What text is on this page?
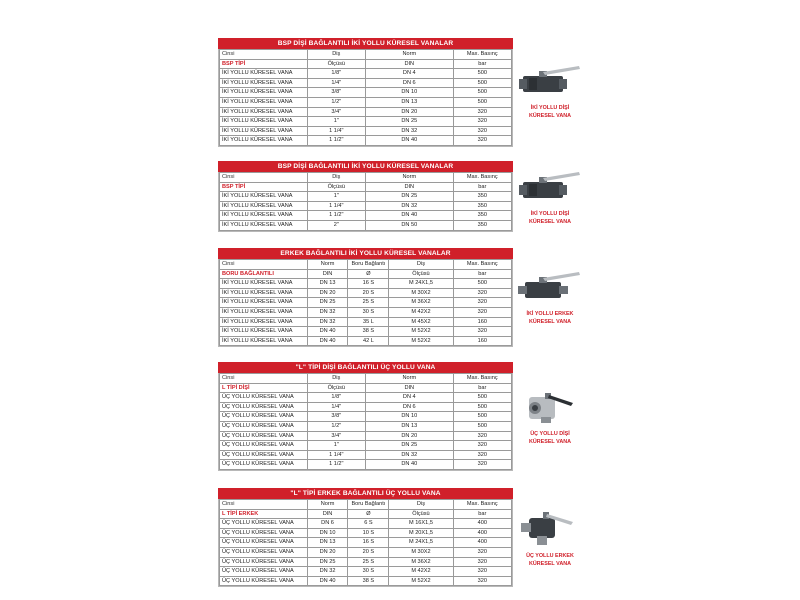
BSP DİŞİ BAĞLANTILI İKİ YOLLU KÜRESEL VANALAR
Cinsi	Diş	Norm	Max. Basınç
BSP TİPİ	Ölçüsü	DIN	bar
İKİ YOLLU KÜRESEL VANA	1/8"	DN 4	500
İKİ YOLLU KÜRESEL VANA	1/4"	DN 6	500
İKİ YOLLU KÜRESEL VANA	3/8"	DN 10	500
İKİ YOLLU KÜRESEL VANA	1/2"	DN 13	500
İKİ YOLLU KÜRESEL VANA	3/4"	DN 20	320
İKİ YOLLU KÜRESEL VANA	1"	DN 25	320
İKİ YOLLU KÜRESEL VANA	1 1/4"	DN 32	320
İKİ YOLLU KÜRESEL VANA	1 1/2"	DN 40	320
BSP DİŞİ BAĞLANTILI İKİ YOLLU KÜRESEL VANALAR
Cinsi	Diş	Norm	Max. Basınç
BSP TİPİ	Ölçüsü	DIN	bar
İKİ YOLLU KÜRESEL VANA	1"	DN 25	350
İKİ YOLLU KÜRESEL VANA	1 1/4"	DN 32	350
İKİ YOLLU KÜRESEL VANA	1 1/2"	DN 40	350
İKİ YOLLU KÜRESEL VANA	2"	DN 50	350
ERKEK BAĞLANTILI İKİ YOLLU KÜRESEL VANALAR
Cinsi	Norm	Boru Bağlantı	Diş	Max. Basınç
BORU BAĞLANTILI	DIN	Ø	Ölçüsü	bar
İKİ YOLLU KÜRESEL VANA	DN 13	16 S	M 24X1,5	500
İKİ YOLLU KÜRESEL VANA	DN 20	20 S	M 30X2	320
İKİ YOLLU KÜRESEL VANA	DN 25	25 S	M 36X2	320
İKİ YOLLU KÜRESEL VANA	DN 32	30 S	M 42X2	320
İKİ YOLLU KÜRESEL VANA	DN 32	35 L	M 45X2	160
İKİ YOLLU KÜRESEL VANA	DN 40	38 S	M 52X2	320
İKİ YOLLU KÜRESEL VANA	DN 40	42 L	M 52X2	160
"L" TİPİ DİŞİ BAĞLANTILI ÜÇ YOLLU VANA
Cinsi	Diş	Norm	Max. Basınç
L TİPİ DİŞİ	Ölçüsü	DIN	bar
ÜÇ YOLLU KÜRESEL VANA	1/8"	DN 4	500
ÜÇ YOLLU KÜRESEL VANA	1/4"	DN 6	500
ÜÇ YOLLU KÜRESEL VANA	3/8"	DN 10	500
ÜÇ YOLLU KÜRESEL VANA	1/2"	DN 13	500
ÜÇ YOLLU KÜRESEL VANA	3/4"	DN 20	320
ÜÇ YOLLU KÜRESEL VANA	1"	DN 25	320
ÜÇ YOLLU KÜRESEL VANA	1 1/4"	DN 32	320
ÜÇ YOLLU KÜRESEL VANA	1 1/2"	DN 40	320
"L" TİPİ ERKEK BAĞLANTILI ÜÇ YOLLU VANA
Cinsi	Norm	Boru Bağlantı	Diş	Max. Basınç
L TİPİ ERKEK	DIN	Ø	Ölçüsü	bar
ÜÇ YOLLU KÜRESEL VANA	DN 6	6 S	M 16X1,5	400
ÜÇ YOLLU KÜRESEL VANA	DN 10	10 S	M 20X1,5	400
ÜÇ YOLLU KÜRESEL VANA	DN 13	16 S	M 24X1,5	400
ÜÇ YOLLU KÜRESEL VANA	DN 20	20 S	M 30X2	320
ÜÇ YOLLU KÜRESEL VANA	DN 25	25 S	M 36X2	320
ÜÇ YOLLU KÜRESEL VANA	DN 32	30 S	M 42X2	320
ÜÇ YOLLU KÜRESEL VANA	DN 40	38 S	M 52X2	320
İKİ YOLLU DİŞİ
KÜRESEL VANA
İKİ YOLLU DİŞİ
KÜRESEL VANA
İKİ YOLLU ERKEK
KÜRESEL VANA
ÜÇ YOLLU DİŞİ
KÜRESEL VANA
ÜÇ YOLLU ERKEK
KÜRESEL VANA
